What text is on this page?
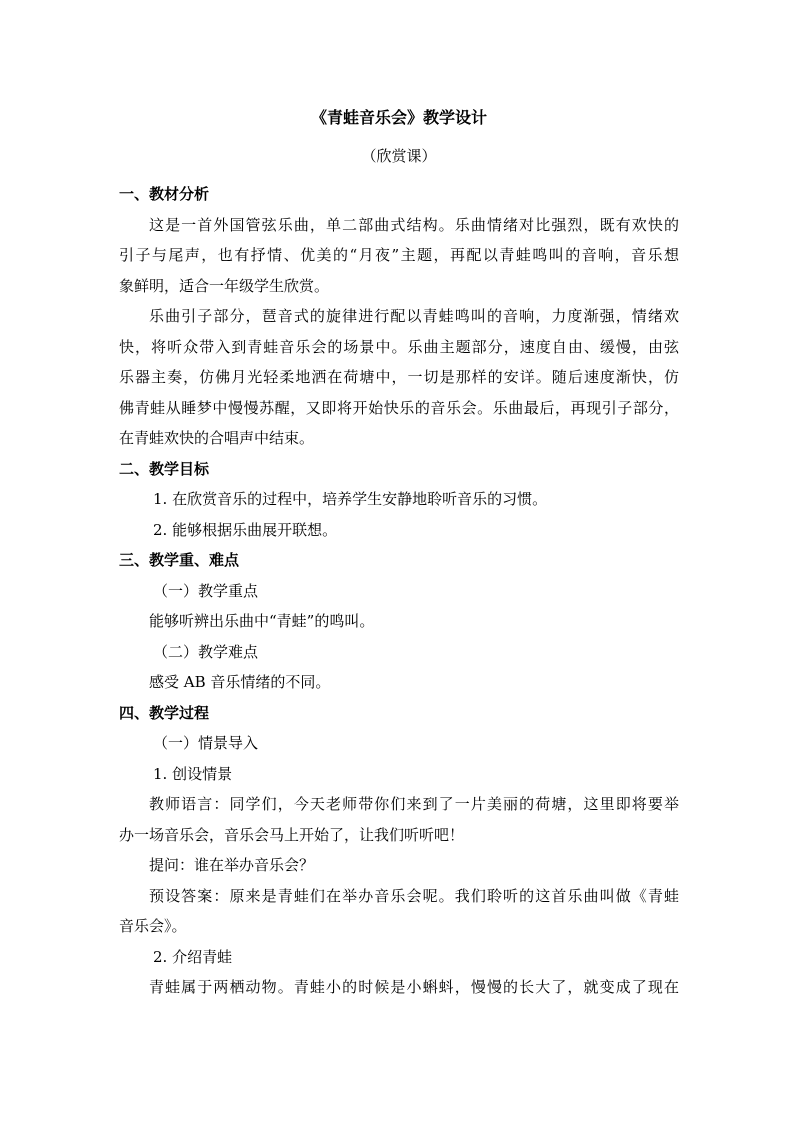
《青蛙音乐会》教学设计
（欣赏课）
一、教材分析
这是一首外国管弦乐曲，单二部曲式结构。乐曲情绪对比强烈，既有欢快的
引子与尾声，也有抒情、优美的“月夜”主题，再配以青蛙鸣叫的音响，音乐想
象鲜明，适合一年级学生欣赏。
乐曲引子部分，琶音式的旋律进行配以青蛙鸣叫的音响，力度渐强，情绪欢
快，将听众带入到青蛙音乐会的场景中。乐曲主题部分，速度自由、缓慢，由弦
乐器主奏，仿佛月光轻柔地洒在荷塘中，一切是那样的安详。随后速度渐快，仿
佛青蛙从睡梦中慢慢苏醒，又即将开始快乐的音乐会。乐曲最后，再现引子部分，
在青蛙欢快的合唱声中结束。
二、教学目标
1. 在欣赏音乐的过程中，培养学生安静地聆听音乐的习惯。
2. 能够根据乐曲展开联想。
三、教学重、难点
（一）教学重点
能够听辨出乐曲中“青蛙”的鸣叫。
（二）教学难点
感受 AB 音乐情绪的不同。
四、教学过程
（一）情景导入
1. 创设情景
教师语言：同学们，今天老师带你们来到了一片美丽的荷塘，这里即将要举
办一场音乐会，音乐会马上开始了，让我们听听吧！
提问：谁在举办音乐会？
预设答案：原来是青蛙们在举办音乐会呢。我们聆听的这首乐曲叫做《青蛙
音乐会》。
2. 介绍青蛙
青蛙属于两栖动物。青蛙小的时候是小蝌蚪，慢慢的长大了，就变成了现在
